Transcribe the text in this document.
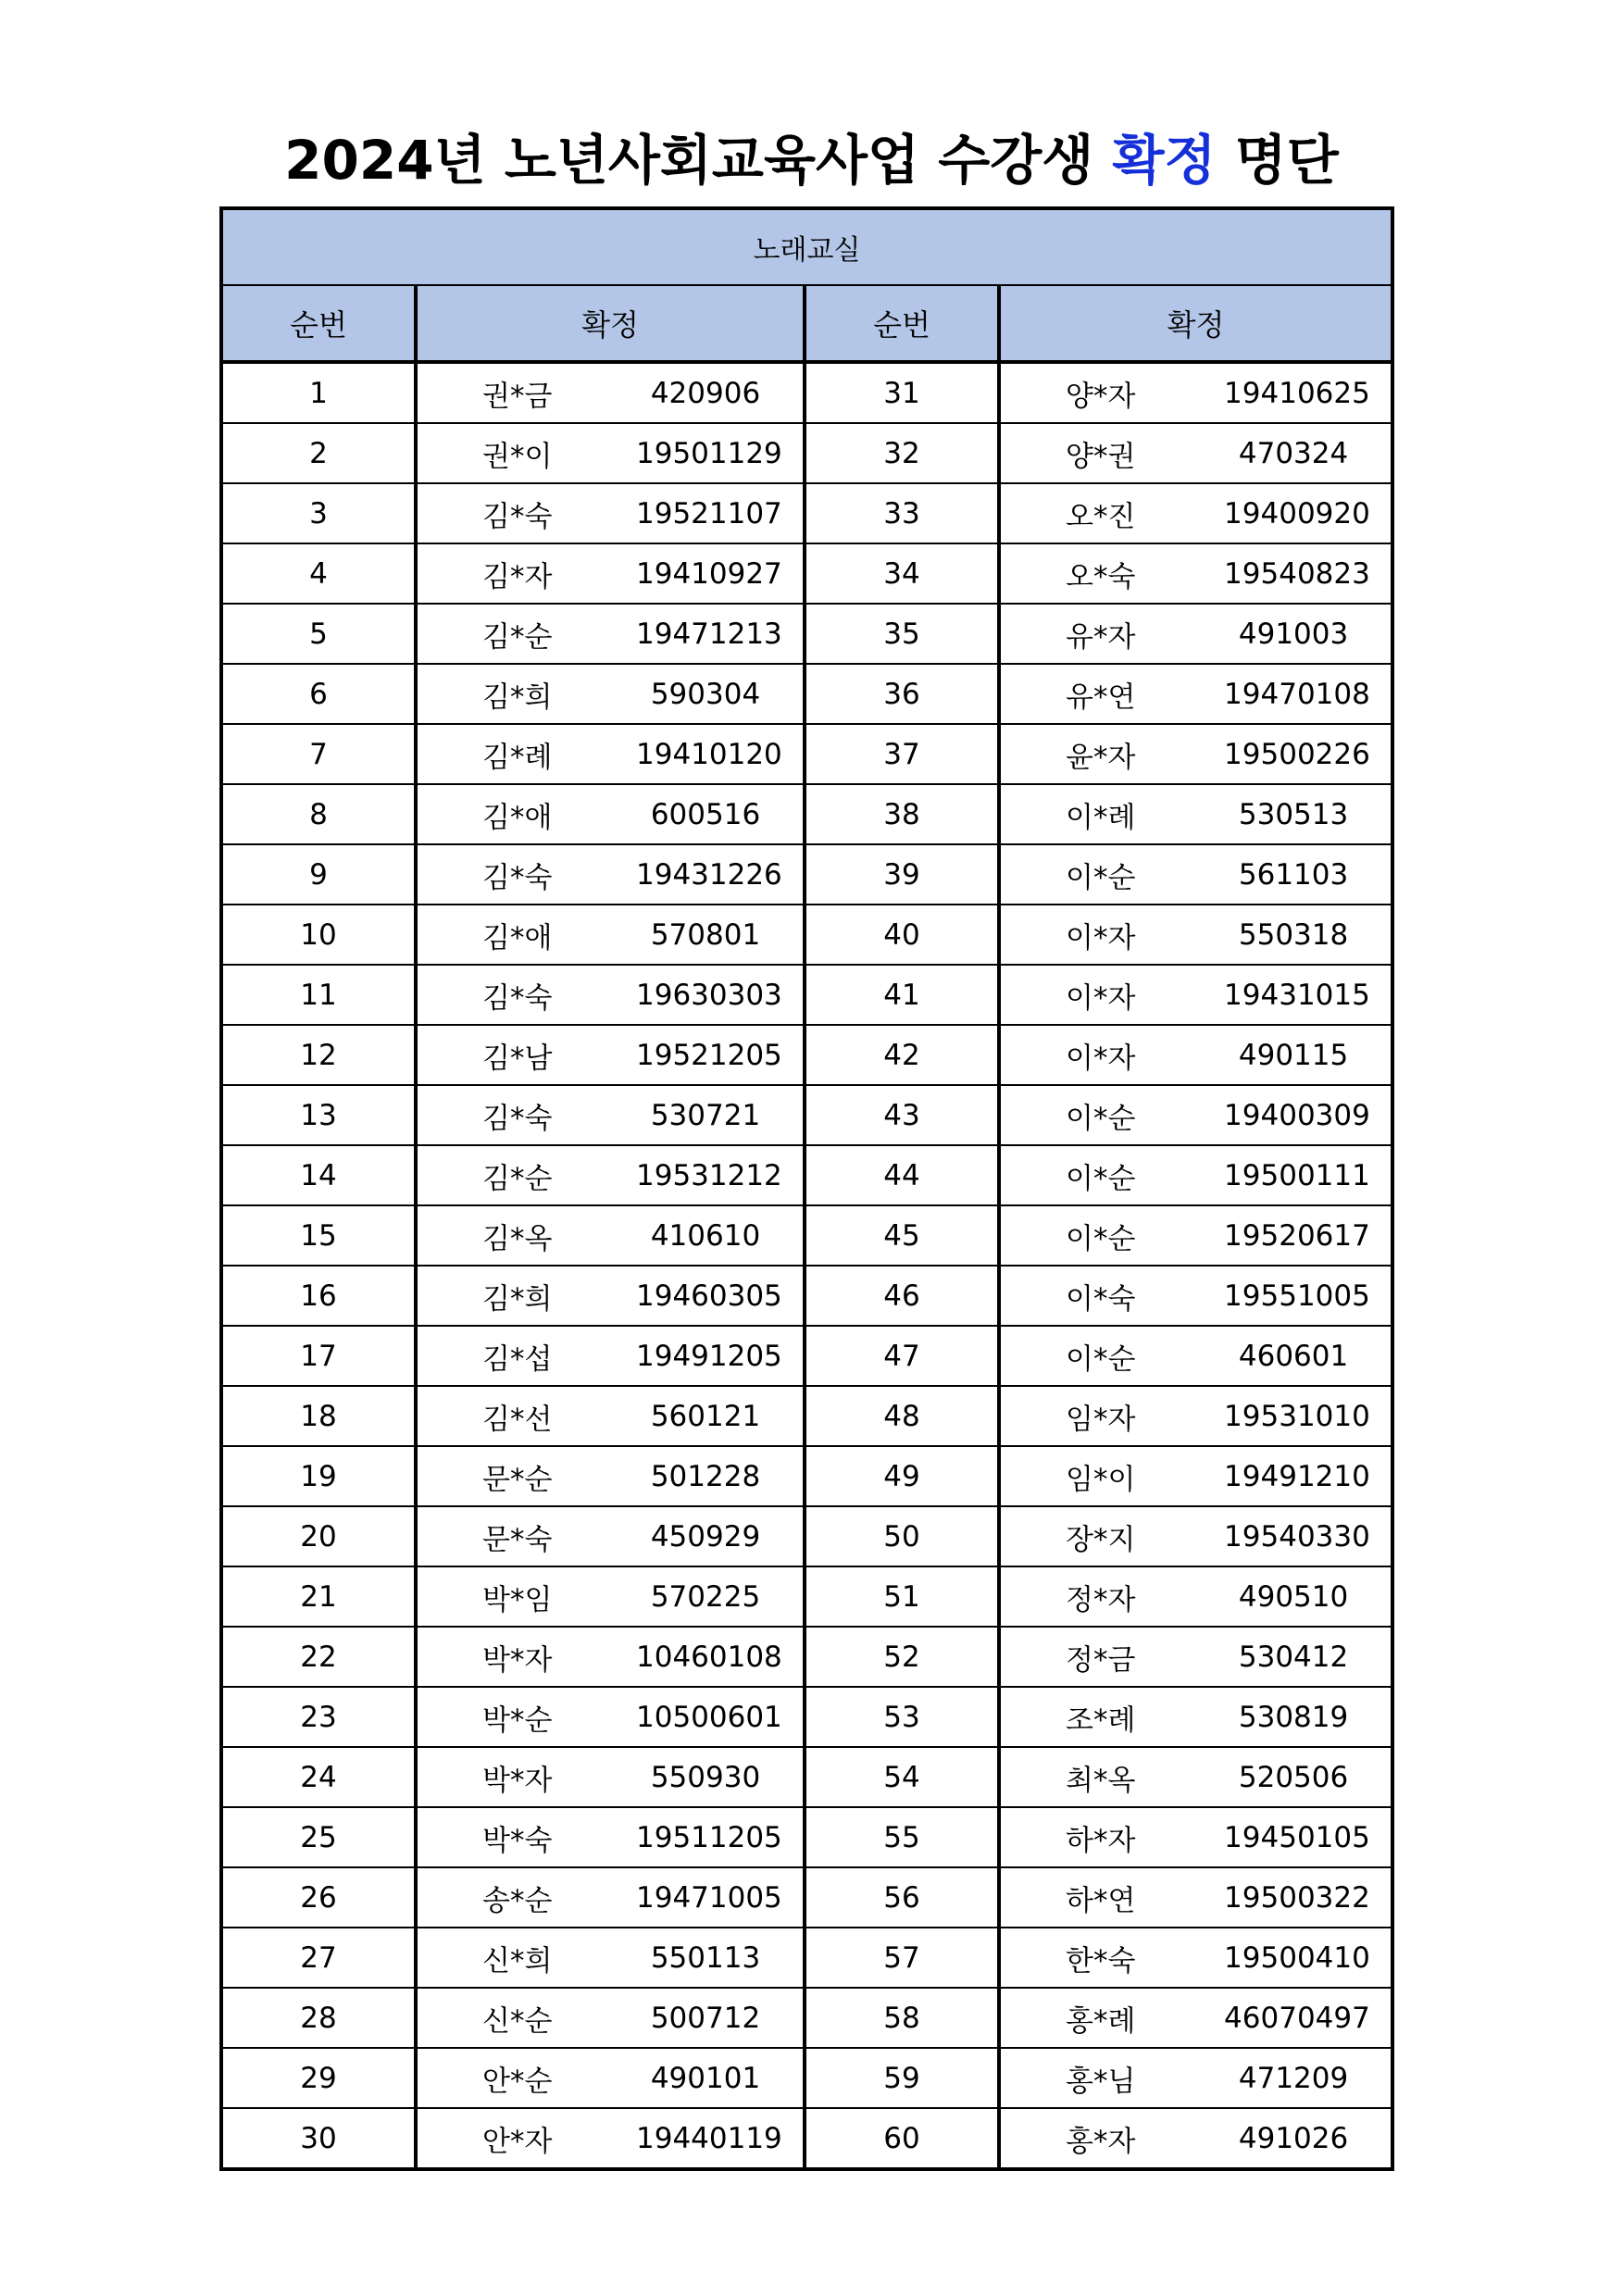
2024년 노년사회교육사업 수강생 확정 명단
노래교실			
순번	확정	순번	확정
1	권*금 420906	31	양*자 19410625

2	권*이 19501129	32	양*권 470324

3	김*숙 19521107	33	오*진 19400920

4	김*자 19410927	34	오*숙 19540823

5	김*순 19471213	35	유*자 491003

6	김*희 590304	36	유*연 19470108

7	김*례 19410120	37	윤*자 19500226

8	김*애 600516	38	이*례 530513

9	김*숙 19431226	39	이*순 561103

10	김*애 570801	40	이*자 550318

11	김*숙 19630303	41	이*자 19431015

12	김*남 19521205	42	이*자 490115

13	김*숙 530721	43	이*순 19400309

14	김*순 19531212	44	이*순 19500111

15	김*옥 410610	45	이*순 19520617

16	김*희 19460305	46	이*숙 19551005

17	김*섭 19491205	47	이*순 460601

18	김*선 560121	48	임*자 19531010

19	문*순 501228	49	임*이 19491210

20	문*숙 450929	50	장*지 19540330

21	박*임 570225	51	정*자 490510

22	박*자 10460108	52	정*금 530412

23	박*순 10500601	53	조*례 530819

24	박*자 550930	54	최*옥 520506

25	박*숙 19511205	55	하*자 19450105

26	송*순 19471005	56	하*연 19500322

27	신*희 550113	57	한*숙 19500410

28	신*순 500712	58	홍*례 46070497

29	안*순 490101	59	홍*님 471209

30	안*자 19440119	60	홍*자 491026
